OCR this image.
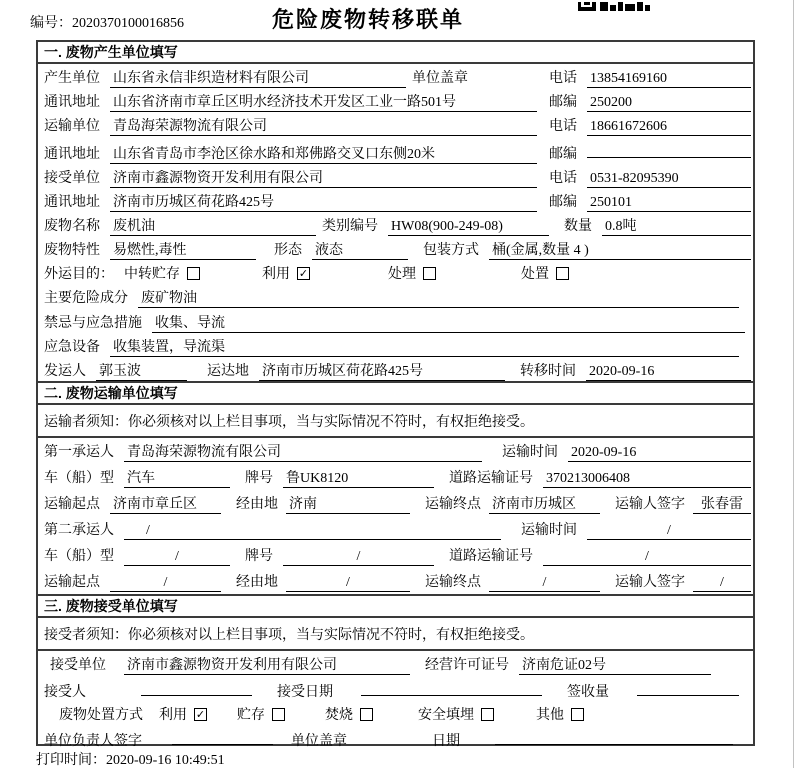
编号：2020370100016856	危险废物转移联单
一. 废物产生单位填写
产生单位 山东省永信非织造材料有限公司	单位盖章	电话 13854169160
通讯地址 山东省济南市章丘区明水经济技术开发区工业一路501号	邮编 250200
运输单位 青岛海荣源物流有限公司	电话 18661672606
通讯地址 山东省青岛市李沧区徐水路和郑佛路交叉口东侧20米	邮编
接受单位 济南市鑫源物资开发利用有限公司	电话 0531-82095390
通讯地址 济南市历城区荷花路425号	邮编 250101
废物名称 废机油	类别编号 HW08(900-249-08)	数量 0.8吨
废物特性 易燃性,毒性	形态 液态	包装方式 桶(金属,数量 4 )
外运目的： 中转贮存	利用 ✓	处理	处置
主要危险成分 废矿物油
禁忌与应急措施 收集、导流
应急设备 收集装置，导流渠
发运人 郭玉波	运达地 济南市历城区荷花路425号	转移时间 2020-09-16
二. 废物运输单位填写
运输者须知：你必须核对以上栏目事项，当与实际情况不符时，有权拒绝接受。
第一承运人 青岛海荣源物流有限公司	运输时间 2020-09-16
车（船）型 汽车	牌号 鲁UK8120	道路运输证号 370213006408
运输起点 济南市章丘区	经由地 济南	运输终点 济南市历城区	运输人签字	张春雷
第二承运人	/	运输时间	/
车（船）型	/	牌号	/	道路运输证号	/
运输起点	/	经由地	/	运输终点	/	运输人签字	/
三. 废物接受单位填写
接受者须知：你必须核对以上栏目事项，当与实际情况不符时，有权拒绝接受。
接受单位 济南市鑫源物资开发利用有限公司	经营许可证号 济南危证02号
接受人	接受日期	签收量
废物处置方式 利用 ✓ 贮存	焚烧	安全填埋	其他
单位负责人签字	单位盖章	日期
打印时间：2020-09-16 10:49:51
